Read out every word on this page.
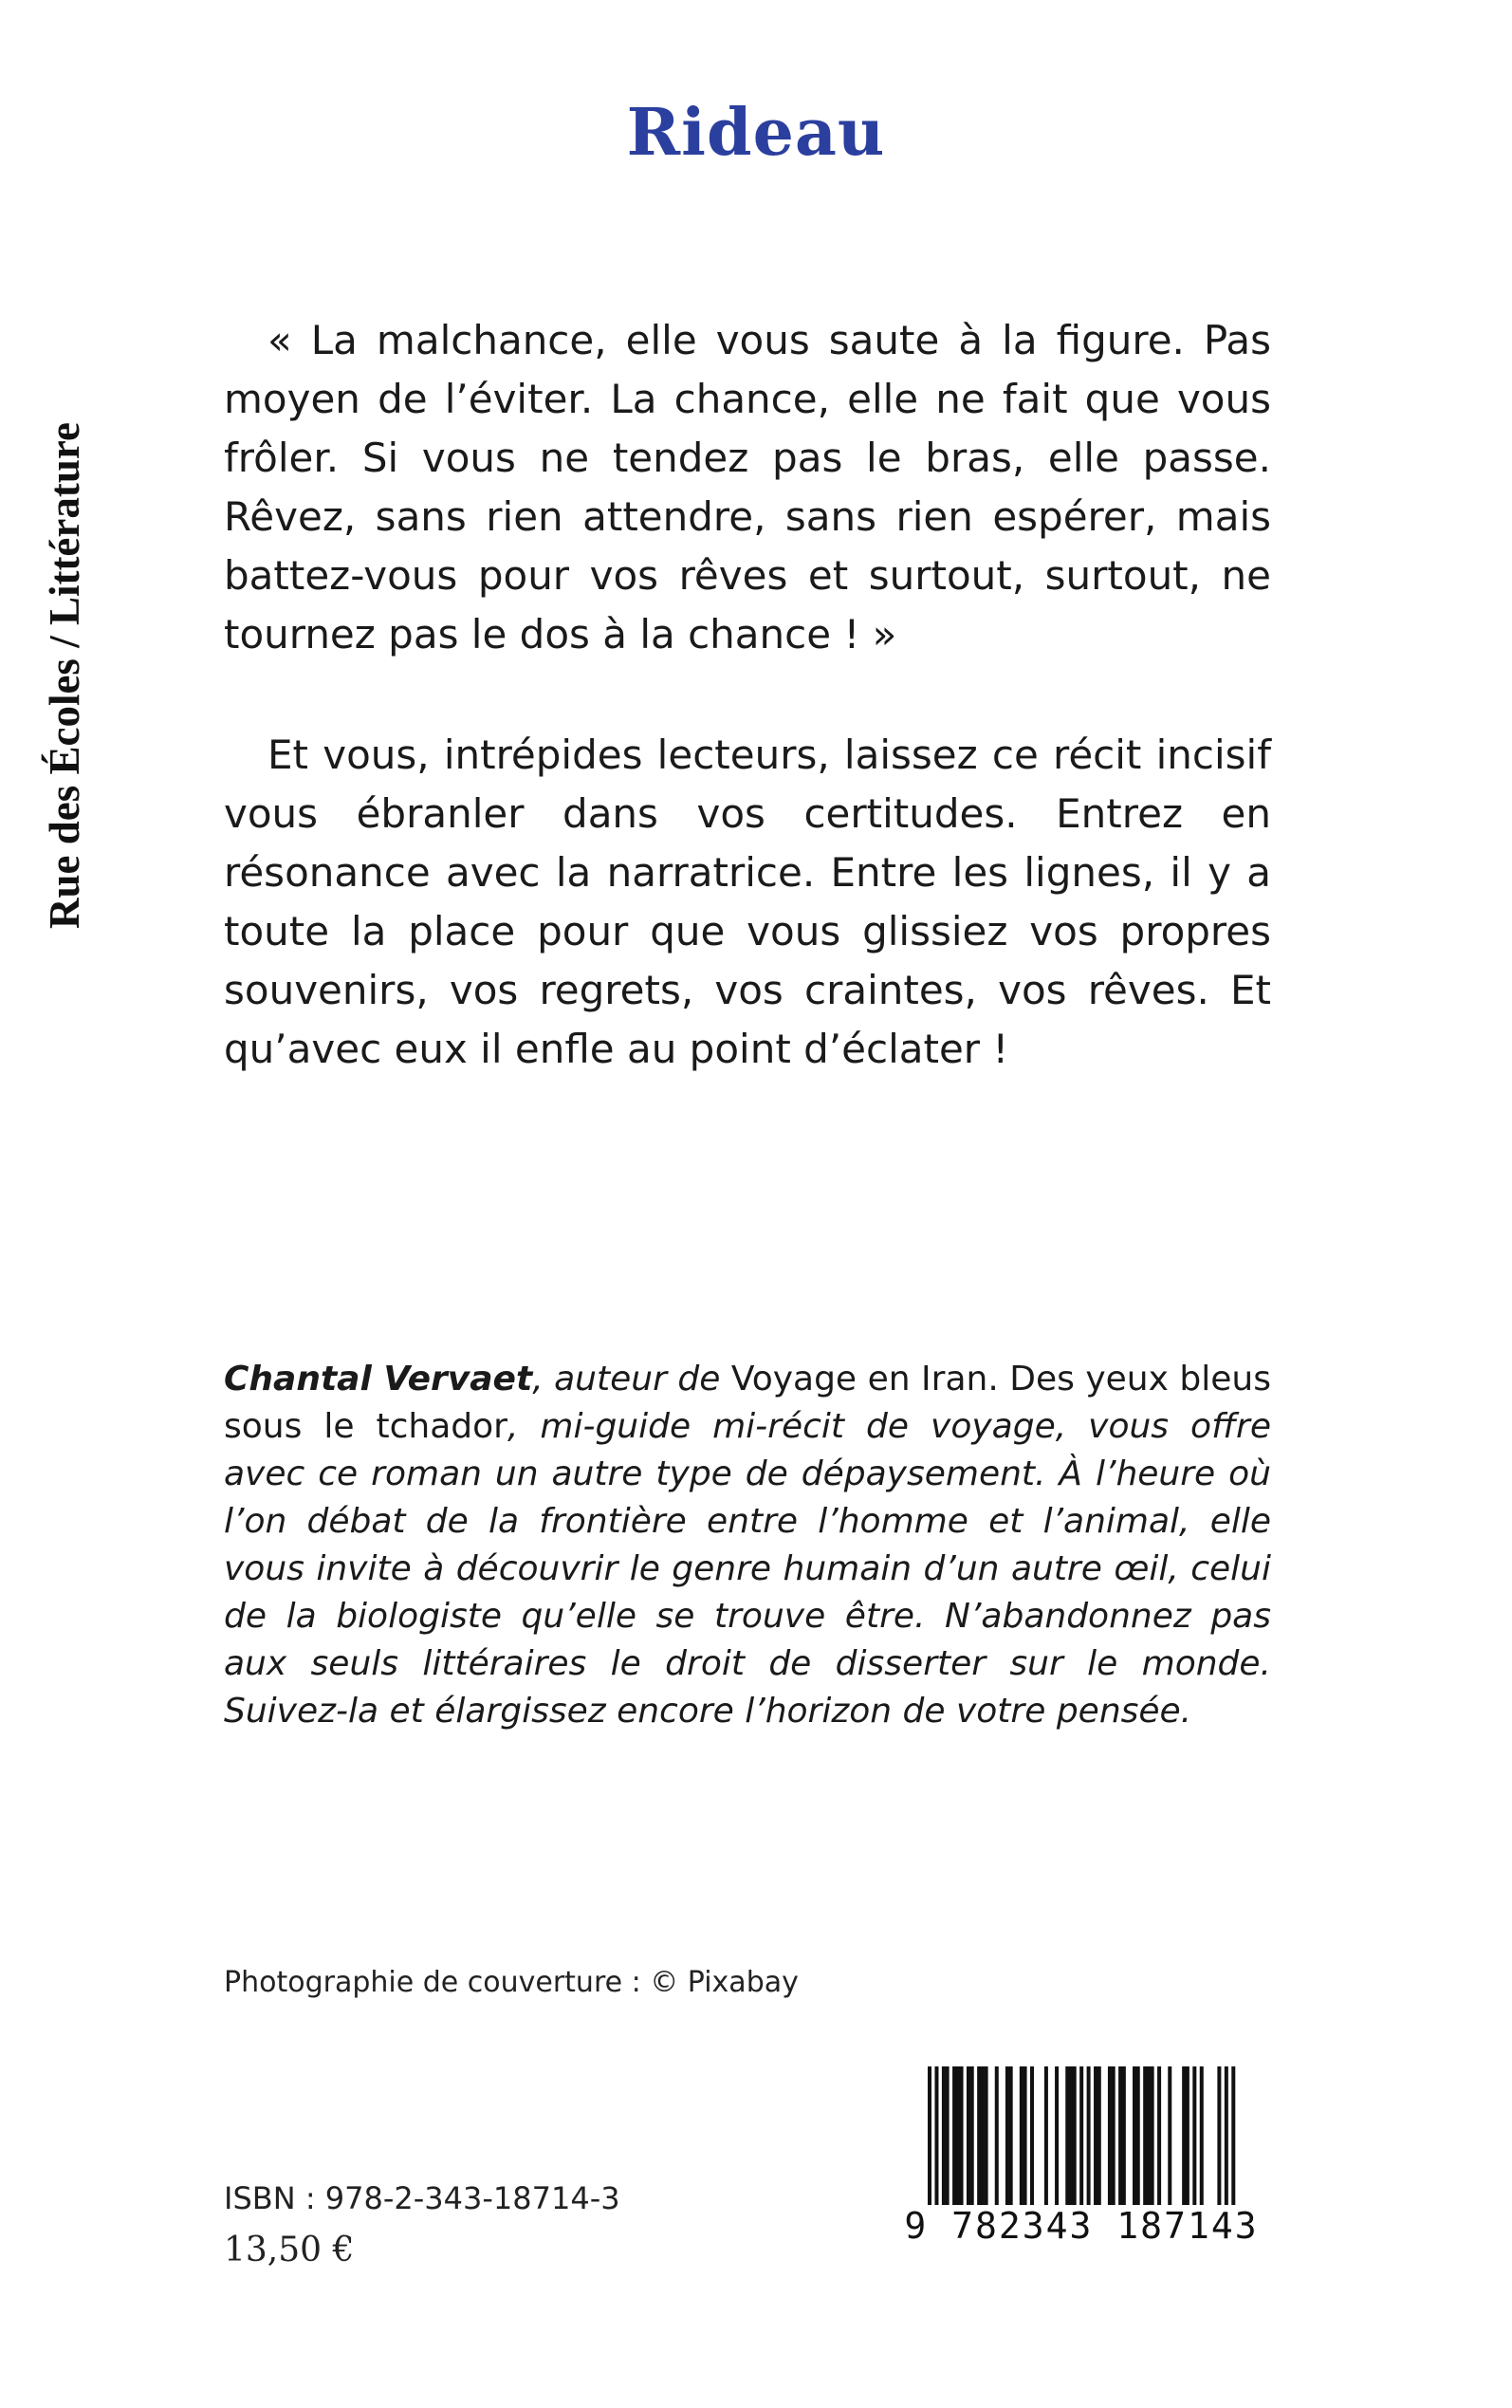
Rue des Écoles / Littérature
Rideau

« La malchance, elle vous saute à la figure. Pas moyen de l’éviter. La chance, elle ne fait que vous frôler. Si vous ne tendez pas le bras, elle passe. Rêvez, sans rien attendre, sans rien espérer, mais battez-vous pour vos rêves et surtout, surtout, ne tournez pas le dos à la chance ! »

Et vous, intrépides lecteurs, laissez ce récit incisif vous ébranler dans vos certitudes. Entrez en résonance avec la narratrice. Entre les lignes, il y a toute la place pour que vous glissiez vos propres souvenirs, vos regrets, vos craintes, vos rêves. Et qu’avec eux il enfle au point d’éclater !

Chantal Vervaet, auteur de Voyage en Iran. Des yeux bleus sous le tchador, mi-guide mi-récit de voyage, vous offre avec ce roman un autre type de dépaysement. À l’heure où l’on débat de la frontière entre l’homme et l’animal, elle vous invite à découvrir le genre humain d’un autre œil, celui de la biologiste qu’elle se trouve être. N’abandonnez pas aux seuls littéraires le droit de disserter sur le monde. Suivez-la et élargissez encore l’horizon de votre pensée.

Photographie de couverture : © Pixabay
ISBN : 978-2-343-18714-3
13,50 €
9 782343 187143
